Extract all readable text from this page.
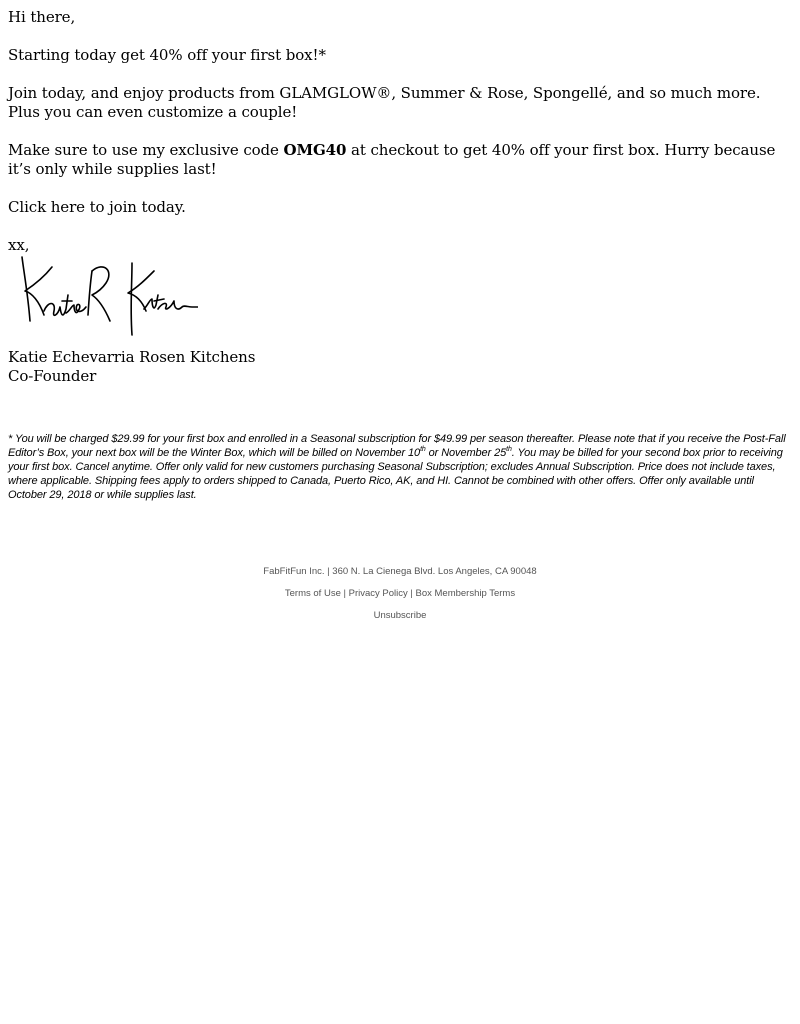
Hi there,

Starting today get 40% off your first box!*

Join today, and enjoy products from GLAMGLOW®, Summer & Rose, Spongellé, and so much more. Plus you can even customize a couple!

Make sure to use my exclusive code OMG40 at checkout to get 40% off your first box. Hurry because it’s only while supplies last!

Click here to join today.

xx,

Katie Echevarria Rosen Kitchens

Co-Founder

* You will be charged $29.99 for your first box and enrolled in a Seasonal subscription for $49.99 per season thereafter. Please note that if you receive the Post-Fall Editor’s Box, your next box will be the Winter Box, which will be billed on November 10th or November 25th. You may be billed for your second box prior to receiving your first box. Cancel anytime. Offer only valid for new customers purchasing Seasonal Subscription; excludes Annual Subscription. Price does not include taxes, where applicable. Shipping fees apply to orders shipped to Canada, Puerto Rico, AK, and HI. Cannot be combined with other offers. Offer only available until October 29, 2018 or while supplies last.
FabFitFun Inc. | 360 N. La Cienega Blvd. Los Angeles, CA 90048
Terms of Use | Privacy Policy | Box Membership Terms
Unsubscribe
